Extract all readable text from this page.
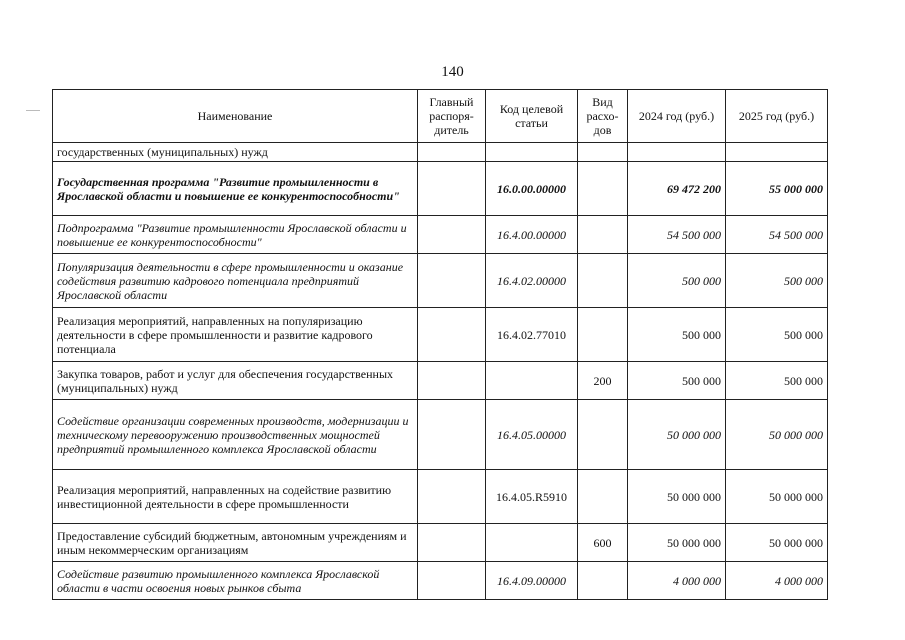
140
Наименование	Главный распоря-дитель	Код целевой статьи	Вид расхо-дов	2024 год (руб.)	2025 год (руб.)
государственных (муниципальных) нужд					
Государственная программа "Развитие промышленности в Ярославской области и повышение ее конкурентоспособности"		16.0.00.00000		69 472 200	55 000 000
Подпрограмма "Развитие промышленности Ярославской области и повышение ее конкурентоспособности"		16.4.00.00000		54 500 000	54 500 000
Популяризация деятельности в сфере промышленности и оказание содействия развитию кадрового потенциала предприятий Ярославской области		16.4.02.00000		500 000	500 000
Реализация мероприятий, направленных на популяризацию деятельности в сфере промышленности и развитие кадрового потенциала		16.4.02.77010		500 000	500 000
Закупка товаров, работ и услуг для обеспечения государственных (муниципальных) нужд			200	500 000	500 000
Содействие организации современных производств, модернизации и техническому перевооружению производственных мощностей предприятий промышленного комплекса Ярославской области		16.4.05.00000		50 000 000	50 000 000
Реализация мероприятий, направленных на содействие развитию инвестиционной деятельности в сфере промышленности		16.4.05.R5910		50 000 000	50 000 000
Предоставление субсидий бюджетным, автономным учреждениям и иным некоммерческим организациям			600	50 000 000	50 000 000
Содействие развитию промышленного комплекса Ярославской области в части освоения новых рынков сбыта		16.4.09.00000		4 000 000	4 000 000
